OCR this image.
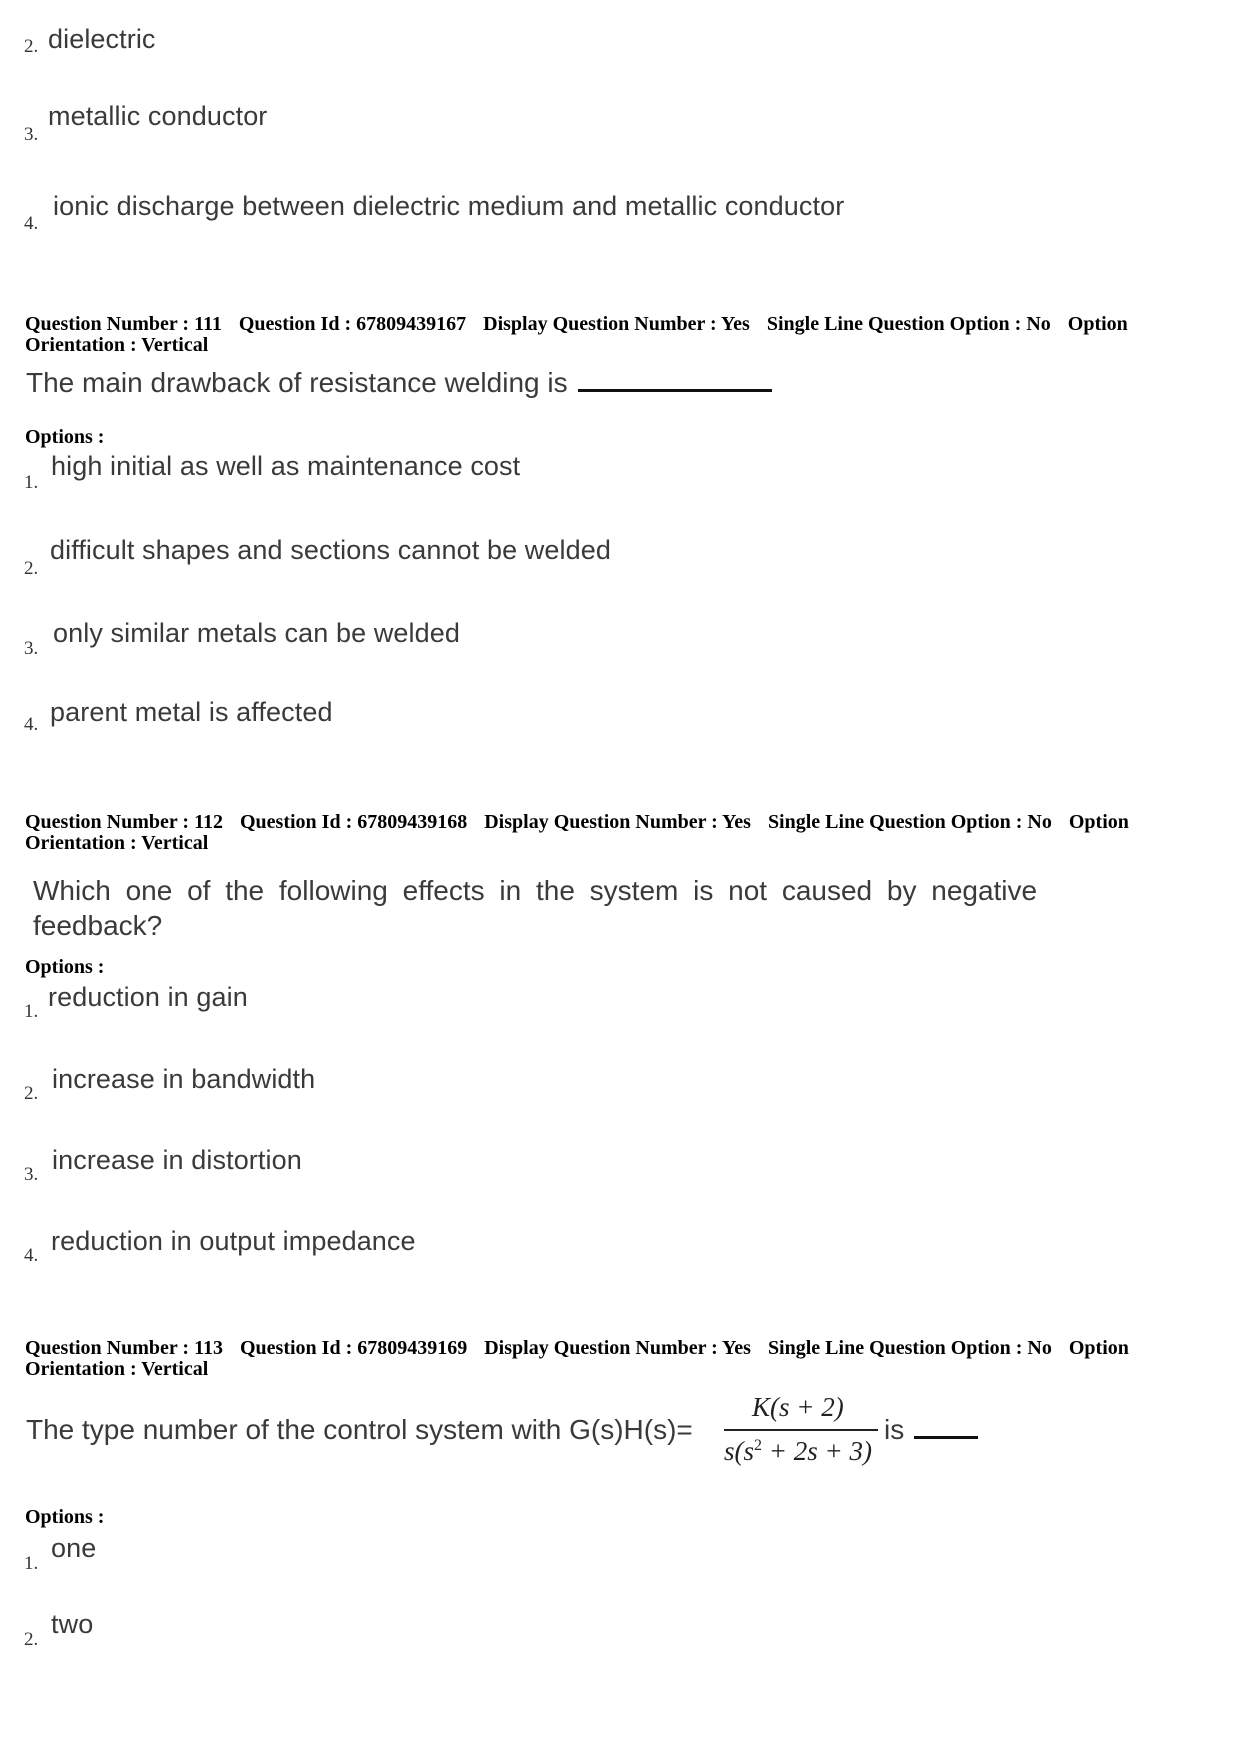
2. dielectric
3.
metallic conductor
4.
ionic discharge between dielectric medium and metallic conductor
Question Number : 111 Question Id : 67809439167 Display Question Number : Yes Single Line Question Option : No Option Orientation : Vertical
The main drawback of resistance welding is
Options :
1.
high initial as well as maintenance cost
2.
difficult shapes and sections cannot be welded
3.
only similar metals can be welded
4. parent metal is affected
Question Number : 112 Question Id : 67809439168 Display Question Number : Yes Single Line Question Option : No Option Orientation : Vertical
Which one of the following effects in the system is not caused by negative
feedback?
Options :
1. reduction in gain
2. increase in bandwidth
3. increase in distortion
4. reduction in output impedance
Question Number : 113 Question Id : 67809439169 Display Question Number : Yes Single Line Question Option : No Option Orientation : Vertical
The type number of the control system with G(s)H(s)=
K(s + 2)
$s(s^2 + 2s + 3)$
is
Options :
1.
one
2.
two
